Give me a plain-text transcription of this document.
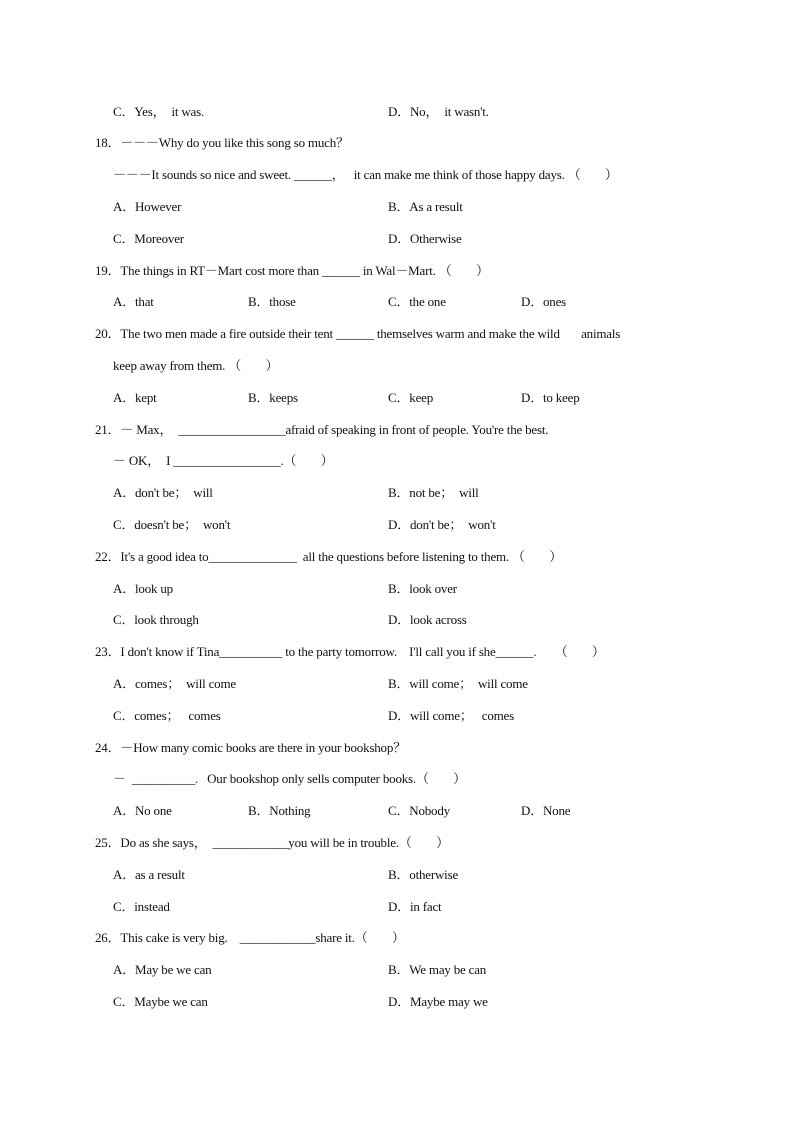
C．Yes，  it was.	D．No，  it wasn't.
18．－－－Why do you like this song so much？
－－－It sounds so nice and sweet. ______，   it can make me think of those happy days. （        ）
A．However	B．As a result
C．Moreover	D．Otherwise
19．The things in RT－Mart cost more than ______ in Wal－Mart. （        ）
A．that	B．those	C．the one	D．ones
20．The two men made a fire outside their tent ______ themselves warm and make the wild       animals
keep away from them. （        ）
A．kept	B．keeps	C．keep	D．to keep
21．－ Max，  _________________afraid of speaking in front of people. You're the best.
－ OK，  I _________________.（        ）
A．don't be；  will	B．not be；  will
C．doesn't be；  won't	D．don't be；  won't
22．It's a good idea to______________  all the questions before listening to them. （        ）
A．look up	B．look over
C．look through	D．look across
23．I don't know if Tina__________ to the party tomorrow.    I'll call you if she______.      （        ）
A．comes；  will come	B．will come；  will come
C．comes；   comes	D．will come；   comes
24．－How many comic books are there in your bookshop？
－  __________.   Our bookshop only sells computer books.（        ）
A．No one	B．Nothing	C．Nobody	D．None
25．Do as she says，  ____________you will be in trouble.（        ）
A．as a result	B．otherwise
C．instead	D．in fact
26．This cake is very big.    ____________share it.（        ）
A．May be we can	B．We may be can
C．Maybe we can	D．Maybe may we
